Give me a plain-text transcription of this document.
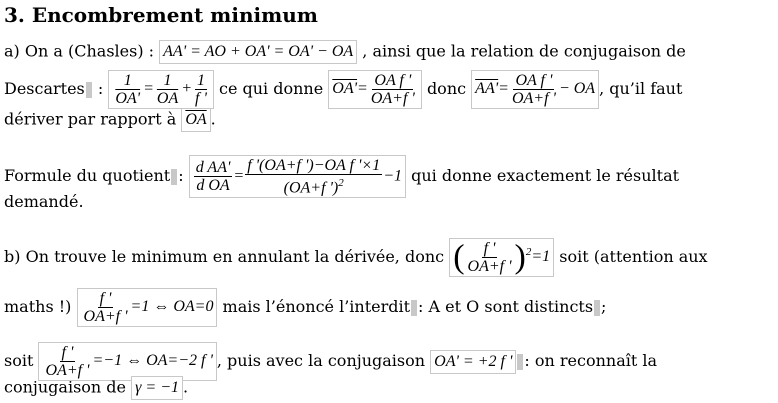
3. Encombrement minimum
a) On a (Chasles) : AA' = AO + OA' = OA' − OA , ainsi que la relation de conjugaison de
Descartes : $\frac{1}{OA'} = \frac{1}{OA} + \frac{1}{f '}$ ce qui donne $OA'= \frac{\text{OA f '}}{OA+f '}$ donc $AA'= \frac{\text{OA f '}}{OA+f '}$ − OA , qu’il faut
dériver par rapport à $\overline{OA}$ .
Formule du quotient : $\frac{\text{d AA'}}{\text{d OA}} = \frac{\text{f '(OA+f ')−OA f '×1}}{(OA+f ')^2} -1$ qui donne exactement le résultat
demandé.
b) On trouve le minimum en annulant la dérivée, donc ( $\frac{f '}{OA+f '} )^2=1$ soit (attention aux
maths !) $\frac{f '}{OA+f '} =1$ ⇔ OA=0 mais l’énoncé l’interdit : A et O sont distincts ;
soit $\frac{f '}{OA+f '} =-1$ ⇔ OA=−2 f ' , puis avec la conjugaison OA' = +2 f ' : on reconnaît la
conjugaison de γ = −1 .
